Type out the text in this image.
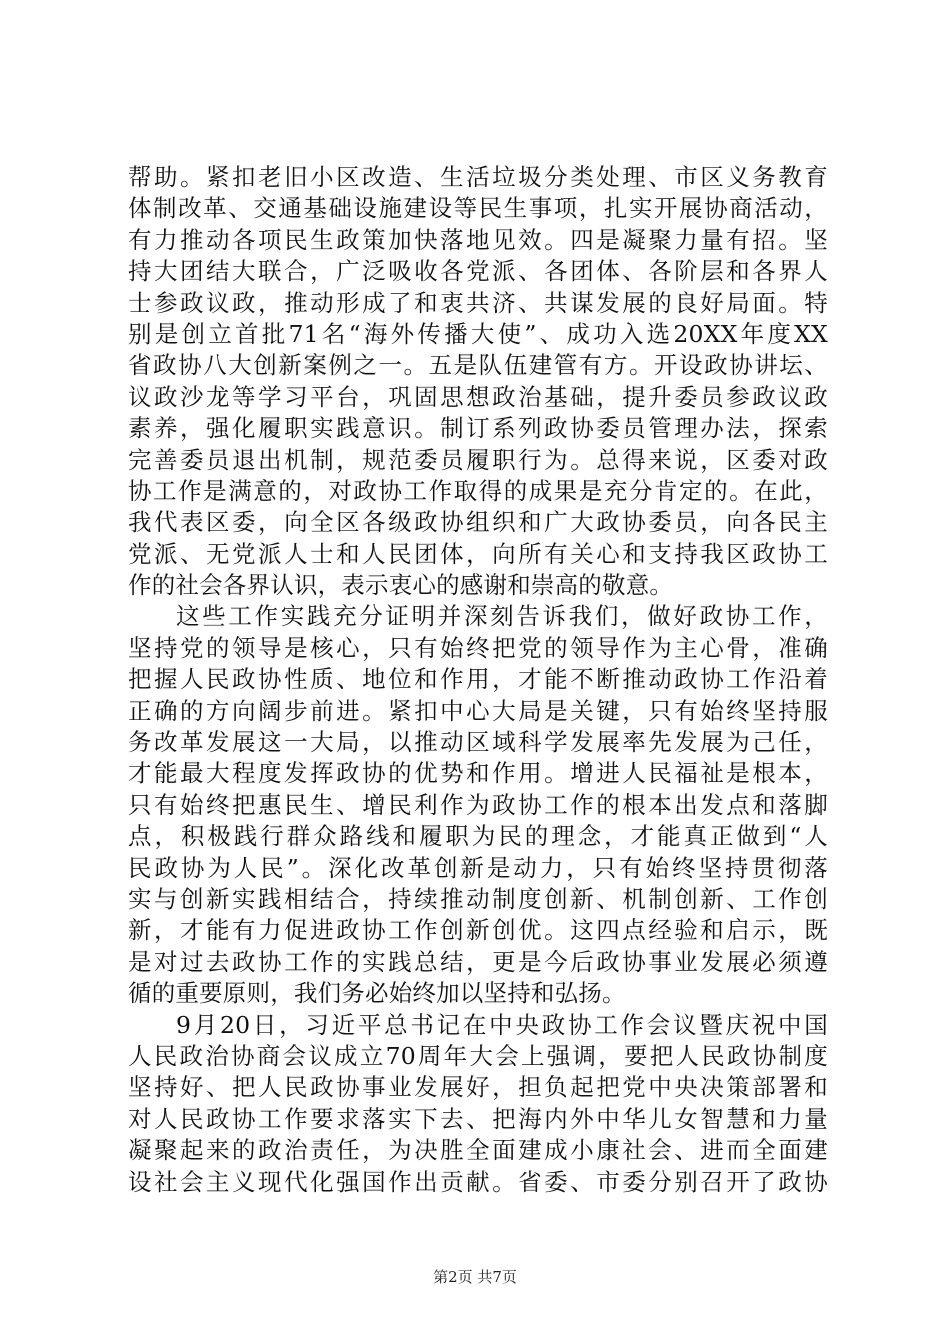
帮助。紧扣老旧小区改造、生活垃圾分类处理、市区义务教育
体制改革、交通基础设施建设等民生事项，扎实开展协商活动，
有力推动各项民生政策加快落地见效。四是凝聚力量有招。坚
持大团结大联合，广泛吸收各党派、各团体、各阶层和各界人
士参政议政，推动形成了和衷共济、共谋发展的良好局面。特
别是创立首批71名“海外传播大使”、成功入选20XX年度XX
省政协八大创新案例之一。五是队伍建管有方。开设政协讲坛、
议政沙龙等学习平台，巩固思想政治基础，提升委员参政议政
素养，强化履职实践意识。制订系列政协委员管理办法，探索
完善委员退出机制，规范委员履职行为。总得来说，区委对政
协工作是满意的，对政协工作取得的成果是充分肯定的。在此，
我代表区委，向全区各级政协组织和广大政协委员，向各民主
党派、无党派人士和人民团体，向所有关心和支持我区政协工
作的社会各界认识，表示衷心的感谢和崇高的敬意。
这些工作实践充分证明并深刻告诉我们，做好政协工作，
坚持党的领导是核心，只有始终把党的领导作为主心骨，准确
把握人民政协性质、地位和作用，才能不断推动政协工作沿着
正确的方向阔步前进。紧扣中心大局是关键，只有始终坚持服
务改革发展这一大局，以推动区域科学发展率先发展为己任，
才能最大程度发挥政协的优势和作用。增进人民福祉是根本，
只有始终把惠民生、增民利作为政协工作的根本出发点和落脚
点，积极践行群众路线和履职为民的理念，才能真正做到“人
民政协为人民”。深化改革创新是动力，只有始终坚持贯彻落
实与创新实践相结合，持续推动制度创新、机制创新、工作创
新，才能有力促进政协工作创新创优。这四点经验和启示，既
是对过去政协工作的实践总结，更是今后政协事业发展必须遵
循的重要原则，我们务必始终加以坚持和弘扬。
9月20日，习近平总书记在中央政协工作会议暨庆祝中国
人民政治协商会议成立70周年大会上强调，要把人民政协制度
坚持好、把人民政协事业发展好，担负起把党中央决策部署和
对人民政协工作要求落实下去、把海内外中华儿女智慧和力量
凝聚起来的政治责任，为决胜全面建成小康社会、进而全面建
设社会主义现代化强国作出贡献。省委、市委分别召开了政协
第2页 共7页
